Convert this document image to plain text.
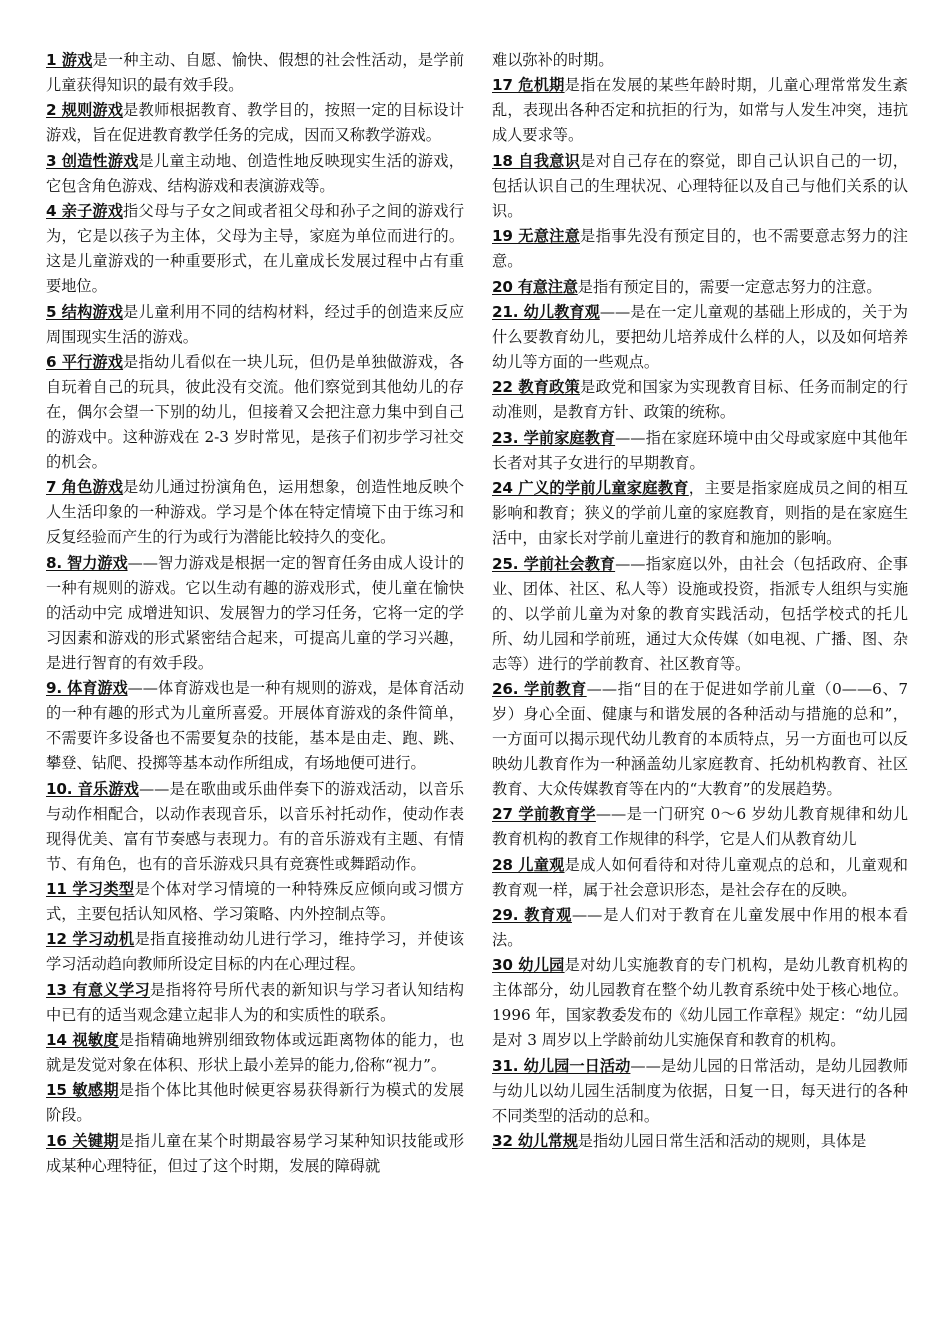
1 游戏是一种主动、自愿、愉快、假想的社会性活动，是学前儿童获得知识的最有效手段。

2 规则游戏是教师根据教育、教学目的，按照一定的目标设计游戏，旨在促进教育教学任务的完成，因而又称教学游戏。

3 创造性游戏是儿童主动地、创造性地反映现实生活的游戏，它包含角色游戏、结构游戏和表演游戏等。

4 亲子游戏指父母与子女之间或者祖父母和孙子之间的游戏行为，它是以孩子为主体，父母为主导，家庭为单位而进行的。这是儿童游戏的一种重要形式，在儿童成长发展过程中占有重要地位。

5 结构游戏是儿童利用不同的结构材料，经过手的创造来反应周围现实生活的游戏。

6 平行游戏是指幼儿看似在一块儿玩，但仍是单独做游戏，各自玩着自己的玩具，彼此没有交流。他们察觉到其他幼儿的存在，偶尔会望一下别的幼儿，但接着又会把注意力集中到自己的游戏中。这种游戏在 2-3 岁时常见，是孩子们初步学习社交的机会。

7 角色游戏是幼儿通过扮演角色，运用想象，创造性地反映个人生活印象的一种游戏。学习是个体在特定情境下由于练习和反复经验而产生的行为或行为潜能比较持久的变化。

8. 智力游戏——智力游戏是根据一定的智育任务由成人设计的一种有规则的游戏。它以生动有趣的游戏形式，使儿童在愉快的活动中完 成增进知识、发展智力的学习任务，它将一定的学习因素和游戏的形式紧密结合起来，可提高儿童的学习兴趣，是进行智育的有效手段。

9. 体育游戏——体育游戏也是一种有规则的游戏，是体育活动的一种有趣的形式为儿童所喜爱。开展体育游戏的条件简单，不需要许多设备也不需要复杂的技能，基本是由走、跑、跳、攀登、钻爬、投掷等基本动作所组成，有场地便可进行。

10. 音乐游戏——是在歌曲或乐曲伴奏下的游戏活动，以音乐与动作相配合，以动作表现音乐，以音乐衬托动作，使动作表现得优美、富有节奏感与表现力。有的音乐游戏有主题、有情节、有角色，也有的音乐游戏只具有竞赛性或舞蹈动作。

11 学习类型是个体对学习情境的一种特殊反应倾向或习惯方式，主要包括认知风格、学习策略、内外控制点等。

12 学习动机是指直接推动幼儿进行学习，维持学习，并使该学习活动趋向教师所设定目标的内在心理过程。

13 有意义学习是指将符号所代表的新知识与学习者认知结构中已有的适当观念建立起非人为的和实质性的联系。

14 视敏度是指精确地辨别细致物体或远距离物体的能力，也就是发觉对象在体积、形状上最小差异的能力,俗称“视力”。

15 敏感期是指个体比其他时候更容易获得新行为模式的发展阶段。

16 关键期是指儿童在某个时期最容易学习某种知识技能或形成某种心理特征，但过了这个时期，发展的障碍就

难以弥补的时期。

17 危机期是指在发展的某些年龄时期，儿童心理常常发生紊乱，表现出各种否定和抗拒的行为，如常与人发生冲突，违抗成人要求等。

18 自我意识是对自己存在的察觉，即自己认识自己的一切，包括认识自己的生理状况、心理特征以及自己与他们关系的认识。

19 无意注意是指事先没有预定目的，也不需要意志努力的注意。

20 有意注意是指有预定目的，需要一定意志努力的注意。

21. 幼儿教育观——是在一定儿童观的基础上形成的，关于为什么要教育幼儿，要把幼儿培养成什么样的人，以及如何培养幼儿等方面的一些观点。

22 教育政策是政党和国家为实现教育目标、任务而制定的行动准则，是教育方针、政策的统称。

23. 学前家庭教育——指在家庭环境中由父母或家庭中其他年长者对其子女进行的早期教育。

24 广义的学前儿童家庭教育，主要是指家庭成员之间的相互影响和教育；狭义的学前儿童的家庭教育，则指的是在家庭生活中，由家长对学前儿童进行的教育和施加的影响。

25. 学前社会教育——指家庭以外，由社会（包括政府、企事业、团体、社区、私人等）设施或投资，指派专人组织与实施的、以学前儿童为对象的教育实践活动，包括学校式的托儿所、幼儿园和学前班，通过大众传媒（如电视、广播、图、杂志等）进行的学前教育、社区教育等。

26. 学前教育——指“目的在于促进如学前儿童（0——6、7 岁）身心全面、健康与和谐发展的各种活动与措施的总和”，一方面可以揭示现代幼儿教育的本质特点，另一方面也可以反映幼儿教育作为一种涵盖幼儿家庭教育、托幼机构教育、社区教育、大众传媒教育等在内的“大教育”的发展趋势。

27 学前教育学——是一门研究 0～6 岁幼儿教育规律和幼儿教育机构的教育工作规律的科学，它是人们从教育幼儿

28 儿童观是成人如何看待和对待儿童观点的总和，儿童观和教育观一样，属于社会意识形态，是社会存在的反映。

29. 教育观——是人们对于教育在儿童发展中作用的根本看法。

30 幼儿园是对幼儿实施教育的专门机构，是幼儿教育机构的主体部分，幼儿园教育在整个幼儿教育系统中处于核心地位。1996 年，国家教委发布的《幼儿园工作章程》规定：“幼儿园是对 3 周岁以上学龄前幼儿实施保育和教育的机构。

31. 幼儿园一日活动——是幼儿园的日常活动，是幼儿园教师与幼儿以幼儿园生活制度为依据，日复一日，每天进行的各种不同类型的活动的总和。

32 幼儿常规是指幼儿园日常生活和活动的规则，具体是
